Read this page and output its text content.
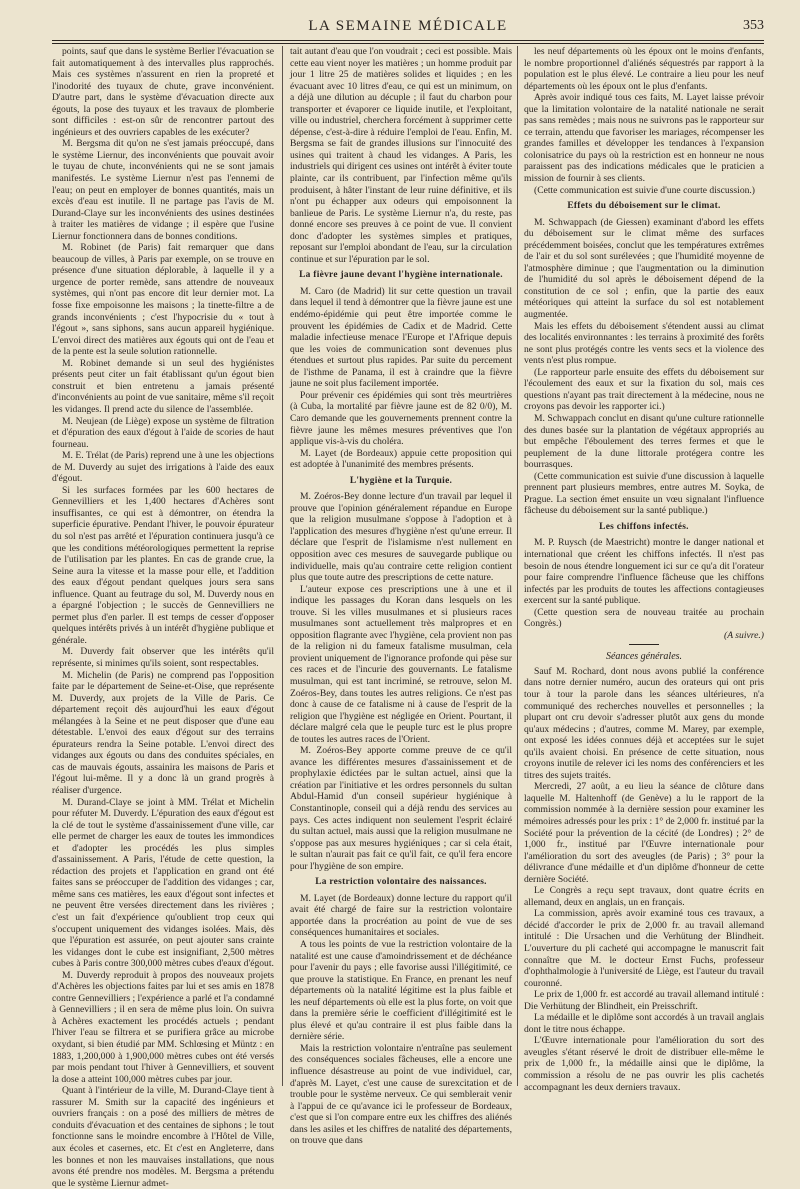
LA SEMAINE MÉDICALE	353

points, sauf que dans le système Berlier l'évacuation se fait automatiquement à des intervalles plus rapprochés. Mais ces systèmes n'assurent en rien la propreté et l'inodorité des tuyaux de chute, grave inconvénient. D'autre part, dans le système d'évacuation directe aux égouts, la pose des tuyaux et les travaux de plomberie sont difficiles : est-on sûr de rencontrer partout des ingénieurs et des ouvriers capables de les exécuter?

M. Bergsma dit qu'on ne s'est jamais préoccupé, dans le système Liernur, des inconvénients que pouvait avoir le tuyau de chute, inconvénients qui ne se sont jamais manifestés. Le système Liernur n'est pas l'ennemi de l'eau; on peut en employer de bonnes quantités, mais un excès d'eau est inutile. Il ne partage pas l'avis de M. Durand-Claye sur les inconvénients des usines destinées à traiter les matières de vidange ; il espère que l'usine Liernur fonctionnera dans de bonnes conditions.

M. Robinet (de Paris) fait remarquer que dans beaucoup de villes, à Paris par exemple, on se trouve en présence d'une situation déplorable, à laquelle il y a urgence de porter remède, sans attendre de nouveaux systèmes, qui n'ont pas encore dit leur dernier mot. La fosse fixe empoisonne les maisons ; la tinette-filtre a de grands inconvénients ; c'est l'hypocrisie du « tout à l'égout », sans siphons, sans aucun appareil hygiénique. L'envoi direct des matières aux égouts qui ont de l'eau et de la pente est la seule solution rationnelle.

M. Robinet demande si un seul des hygiénistes présents peut citer un fait établissant qu'un égout bien construit et bien entretenu a jamais présenté d'inconvénients au point de vue sanitaire, même s'il reçoit les vidanges. Il prend acte du silence de l'assemblée.

M. Neujean (de Liège) expose un système de filtration et d'épuration des eaux d'égout à l'aide de scories de haut fourneau.

M. E. Trélat (de Paris) reprend une à une les objections de M. Duverdy au sujet des irrigations à l'aide des eaux d'égout.

Si les surfaces formées par les 600 hectares de Gennevilliers et les 1,400 hectares d'Achères sont insuffisantes, ce qui est à démontrer, on étendra la superficie épurative. Pendant l'hiver, le pouvoir épurateur du sol n'est pas arrêté et l'épuration continuera jusqu'à ce que les conditions météorologiques permettent la reprise de l'utilisation par les plantes. En cas de grande crue, la Seine aura la vitesse et la masse pour elle, et l'addition des eaux d'égout pendant quelques jours sera sans influence. Quant au feutrage du sol, M. Duverdy nous en a épargné l'objection ; le succès de Gennevilliers ne permet plus d'en parler. Il est temps de cesser d'opposer quelques intérêts privés à un intérêt d'hygiène publique et générale.

M. Duverdy fait observer que les intérêts qu'il représente, si minimes qu'ils soient, sont respectables.

M. Michelin (de Paris) ne comprend pas l'opposition faite par le département de Seine-et-Oise, que représente M. Duverdy, aux projets de la Ville de Paris. Ce département reçoit dès aujourd'hui les eaux d'égout mélangées à la Seine et ne peut disposer que d'une eau détestable. L'envoi des eaux d'égout sur des terrains épurateurs rendra la Seine potable. L'envoi direct des vidanges aux égouts ou dans des conduites spéciales, en cas de mauvais égouts, assainira les maisons de Paris et l'égout lui-même. Il y a donc là un grand progrès à réaliser d'urgence.

M. Durand-Claye se joint à MM. Trélat et Michelin pour réfuter M. Duverdy. L'épuration des eaux d'égout est la clé de tout le système d'assainissement d'une ville, car elle permet de charger les eaux de toutes les immondices et d'adopter les procédés les plus simples d'assainissement. A Paris, l'étude de cette question, la rédaction des projets et l'application en grand ont été faites sans se préoccuper de l'addition des vidanges ; car, même sans ces matières, les eaux d'égout sont infectes et ne peuvent être versées directement dans les rivières ; c'est un fait d'expérience qu'oublient trop ceux qui s'occupent uniquement des vidanges isolées. Mais, dès que l'épuration est assurée, on peut ajouter sans crainte les vidanges dont le cube est insignifiant, 2,500 mètres cubes à Paris contre 300,000 mètres cubes d'eaux d'égout.

M. Duverdy reproduit à propos des nouveaux projets d'Achères les objections faites par lui et ses amis en 1878 contre Gennevilliers ; l'expérience a parlé et l'a condamné à Gennevilliers ; il en sera de même plus loin. On suivra à Achères exactement les procédés actuels ; pendant l'hiver l'eau se filtrera et se purifiera grâce au microbe oxydant, si bien étudié par MM. Schlœsing et Müntz : en 1883, 1,200,000 à 1,900,000 mètres cubes ont été versés par mois pendant tout l'hiver à Gennevilliers, et souvent la dose a atteint 100,000 mètres cubes par jour.

Quant à l'intérieur de la ville, M. Durand-Claye tient à rassurer M. Smith sur la capacité des ingénieurs et ouvriers français : on a posé des milliers de mètres de conduits d'évacuation et des centaines de siphons ; le tout fonctionne sans le moindre encombre à l'Hôtel de Ville, aux écoles et casernes, etc. Et c'est en Angleterre, dans les bonnes et non les mauvaises installations, que nous avons été prendre nos modèles. M. Bergsma a prétendu que le système Liernur admet-

tait autant d'eau que l'on voudrait ; ceci est possible. Mais cette eau vient noyer les matières ; un homme produit par jour 1 litre 25 de matières solides et liquides ; en les évacuant avec 10 litres d'eau, ce qui est un minimum, on a déjà une dilution au décuple ; il faut du charbon pour transporter et évaporer ce liquide inutile, et l'exploitant, ville ou industriel, cherchera forcément à supprimer cette dépense, c'est-à-dire à réduire l'emploi de l'eau. Enfin, M. Bergsma se fait de grandes illusions sur l'innocuité des usines qui traitent à chaud les vidanges. A Paris, les industriels qui dirigent ces usines ont intérêt à éviter toute plainte, car ils contribuent, par l'infection même qu'ils produisent, à hâter l'instant de leur ruine définitive, et ils n'ont pu échapper aux odeurs qui empoisonnent la banlieue de Paris. Le système Liernur n'a, du reste, pas donné encore ses preuves à ce point de vue. Il convient donc d'adopter les systèmes simples et pratiques, reposant sur l'emploi abondant de l'eau, sur la circulation continue et sur l'épuration par le sol.

La fièvre jaune devant l'hygiène internationale.

M. Caro (de Madrid) lit sur cette question un travail dans lequel il tend à démontrer que la fièvre jaune est une endémo-épidémie qui peut être importée comme le prouvent les épidémies de Cadix et de Madrid. Cette maladie infectieuse menace l'Europe et l'Afrique depuis que les voies de communication sont devenues plus étendues et surtout plus rapides. Par suite du percement de l'isthme de Panama, il est à craindre que la fièvre jaune ne soit plus facilement importée.

Pour prévenir ces épidémies qui sont très meurtrières (à Cuba, la mortalité par fièvre jaune est de 82 0/0), M. Caro demande que les gouvernements prennent contre la fièvre jaune les mêmes mesures préventives que l'on applique vis-à-vis du choléra.

M. Layet (de Bordeaux) appuie cette proposition qui est adoptée à l'unanimité des membres présents.

L'hygiène et la Turquie.

M. Zoéros-Bey donne lecture d'un travail par lequel il prouve que l'opinion généralement répandue en Europe que la religion musulmane s'oppose à l'adoption et à l'application des mesures d'hygiène n'est qu'une erreur. Il déclare que l'esprit de l'islamisme n'est nullement en opposition avec ces mesures de sauvegarde publique ou individuelle, mais qu'au contraire cette religion contient plus que toute autre des prescriptions de cette nature.

L'auteur expose ces prescriptions une à une et il indique les passages du Koran dans lesquels on les trouve. Si les villes musulmanes et si plusieurs races musulmanes sont actuellement très malpropres et en opposition flagrante avec l'hygiène, cela provient non pas de la religion ni du fameux fatalisme musulman, cela provient uniquement de l'ignorance profonde qui pèse sur ces races et de l'incurie des gouvernants. Le fatalisme musulman, qui est tant incriminé, se retrouve, selon M. Zoéros-Bey, dans toutes les autres religions. Ce n'est pas donc à cause de ce fatalisme ni à cause de l'esprit de la religion que l'hygiène est négligée en Orient. Pourtant, il déclare malgré cela que le peuple turc est le plus propre de toutes les autres races de l'Orient.

M. Zoéros-Bey apporte comme preuve de ce qu'il avance les différentes mesures d'assainissement et de prophylaxie édictées par le sultan actuel, ainsi que la création par l'initiative et les ordres personnels du sultan Abdul-Hamid d'un conseil supérieur hygiénique à Constantinople, conseil qui a déjà rendu des services au pays. Ces actes indiquent non seulement l'esprit éclairé du sultan actuel, mais aussi que la religion musulmane ne s'oppose pas aux mesures hygiéniques ; car si cela était, le sultan n'aurait pas fait ce qu'il fait, ce qu'il fera encore pour l'hygiène de son empire.

La restriction volontaire des naissances.

M. Layet (de Bordeaux) donne lecture du rapport qu'il avait été chargé de faire sur la restriction volontaire apportée dans la procréation au point de vue de ses conséquences humanitaires et sociales.

A tous les points de vue la restriction volontaire de la natalité est une cause d'amoindrissement et de déchéance pour l'avenir du pays ; elle favorise aussi l'illégitimité, ce que prouve la statistique. En France, en prenant les neuf départements où la natalité légitime est la plus faible et les neuf départements où elle est la plus forte, on voit que dans la première série le coefficient d'illégitimité est le plus élevé et qu'au contraire il est plus faible dans la dernière série.

Mais la restriction volontaire n'entraîne pas seulement des conséquences sociales fâcheuses, elle a encore une influence désastreuse au point de vue individuel, car, d'après M. Layet, c'est une cause de surexcitation et de trouble pour le système nerveux. Ce qui semblerait venir à l'appui de ce qu'avance ici le professeur de Bordeaux, c'est que si l'on compare entre eux les chiffres des aliénés dans les asiles et les chiffres de natalité des départements, on trouve que dans

les neuf départements où les époux ont le moins d'enfants, le nombre proportionnel d'aliénés séquestrés par rapport à la population est le plus élevé. Le contraire a lieu pour les neuf départements où les époux ont le plus d'enfants.

Après avoir indiqué tous ces faits, M. Layet laisse prévoir que la limitation volontaire de la natalité nationale ne serait pas sans remèdes ; mais nous ne suivrons pas le rapporteur sur ce terrain, attendu que favoriser les mariages, récompenser les grandes familles et développer les tendances à l'expansion colonisatrice du pays où la restriction est en honneur ne nous paraissent pas des indications médicales que le praticien a mission de fournir à ses clients.

(Cette communication est suivie d'une courte discussion.)

Effets du déboisement sur le climat.

M. Schwappach (de Giessen) examinant d'abord les effets du déboisement sur le climat même des surfaces précédemment boisées, conclut que les températures extrêmes de l'air et du sol sont surélevées ; que l'humidité moyenne de l'atmosphère diminue ; que l'augmentation ou la diminution de l'humidité du sol après le déboisement dépend de la constitution de ce sol ; enfin, que la partie des eaux météoriques qui atteint la surface du sol est notablement augmentée.

Mais les effets du déboisement s'étendent aussi au climat des localités environnantes : les terrains à proximité des forêts ne sont plus protégés contre les vents secs et la violence des vents n'est plus rompue.

(Le rapporteur parle ensuite des effets du déboisement sur l'écoulement des eaux et sur la fixation du sol, mais ces questions n'ayant pas trait directement à la médecine, nous ne croyons pas devoir les rapporter ici.)

M. Schwappach conclut en disant qu'une culture rationnelle des dunes basée sur la plantation de végétaux appropriés au but empêche l'éboulement des terres fermes et que le peuplement de la dune littorale protégera contre les bourrasques.

(Cette communication est suivie d'une discussion à laquelle prennent part plusieurs membres, entre autres M. Soyka, de Prague. La section émet ensuite un vœu signalant l'influence fâcheuse du déboisement sur la santé publique.)

Les chiffons infectés.

M. P. Ruysch (de Maestricht) montre le danger national et international que créent les chiffons infectés. Il n'est pas besoin de nous étendre longuement ici sur ce qu'a dit l'orateur pour faire comprendre l'influence fâcheuse que les chiffons infectés par les produits de toutes les affections contagieuses exercent sur la santé publique.

(Cette question sera de nouveau traitée au prochain Congrès.)

(A suivre.)

Séances générales.

Sauf M. Rochard, dont nous avons publié la conférence dans notre dernier numéro, aucun des orateurs qui ont pris tour à tour la parole dans les séances ultérieures, n'a communiqué des recherches nouvelles et personnelles ; la plupart ont cru devoir s'adresser plutôt aux gens du monde qu'aux médecins ; d'autres, comme M. Marey, par exemple, ont exposé les idées connues déjà et acceptées sur le sujet qu'ils avaient choisi. En présence de cette situation, nous croyons inutile de relever ici les noms des conférenciers et les titres des sujets traités.

Mercredi, 27 août, a eu lieu la séance de clôture dans laquelle M. Haltenhoff (de Genève) a lu le rapport de la commission nommée à la dernière session pour examiner les mémoires adressés pour les prix : 1° de 2,000 fr. institué par la Société pour la prévention de la cécité (de Londres) ; 2° de 1,000 fr., institué par l'Œuvre internationale pour l'amélioration du sort des aveugles (de Paris) ; 3° pour la délivrance d'une médaille et d'un diplôme d'honneur de cette dernière Société.

Le Congrès a reçu sept travaux, dont quatre écrits en allemand, deux en anglais, un en français.

La commission, après avoir examiné tous ces travaux, a décidé d'accorder le prix de 2,000 fr. au travail allemand intitulé : Die Ursachen und die Verhütung der Blindheit. L'ouverture du pli cacheté qui accompagne le manuscrit fait connaître que M. le docteur Ernst Fuchs, professeur d'ophthalmologie à l'université de Liège, est l'auteur du travail couronné.

Le prix de 1,000 fr. est accordé au travail allemand intitulé : Die Verhütung der Blindheit, ein Preisschrift.

La médaille et le diplôme sont accordés à un travail anglais dont le titre nous échappe.

L'Œuvre internationale pour l'amélioration du sort des aveugles s'étant réservé le droit de distribuer elle-même le prix de 1,000 fr., la médaille ainsi que le diplôme, la commission a résolu de ne pas ouvrir les plis cachetés accompagnant les deux derniers travaux.
